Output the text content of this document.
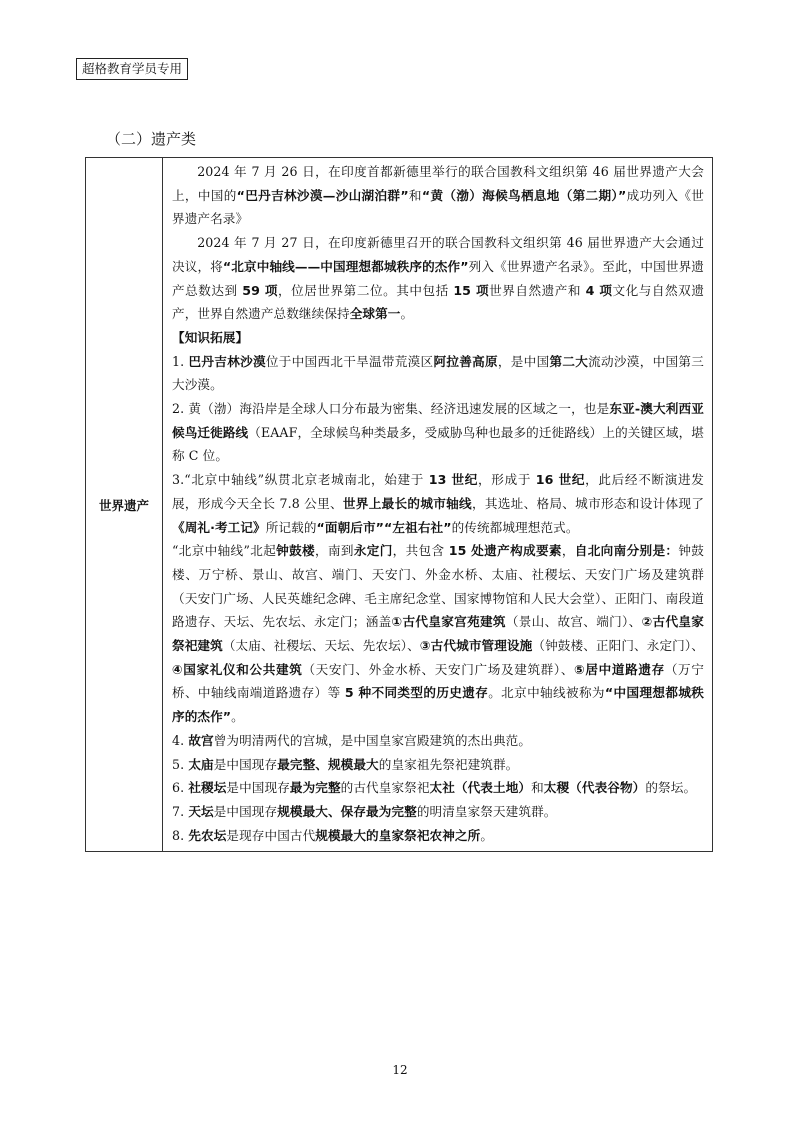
超格教育学员专用
（二）遗产类
世界遗产	

2024 年 7 月 26 日，在印度首都新德里举行的联合国教科文组织第 46 届世界遗产大会上，中国的“巴丹吉林沙漠—沙山湖泊群”和“黄（渤）海候鸟栖息地（第二期）”成功列入《世界遗产名录》

2024 年 7 月 27 日，在印度新德里召开的联合国教科文组织第 46 届世界遗产大会通过决议，将“北京中轴线——中国理想都城秩序的杰作”列入《世界遗产名录》。至此，中国世界遗产总数达到 59 项，位居世界第二位。其中包括 15 项世界自然遗产和 4 项文化与自然双遗产，世界自然遗产总数继续保持全球第一。

【知识拓展】

1. 巴丹吉林沙漠位于中国西北干旱温带荒漠区阿拉善高原，是中国第二大流动沙漠，中国第三大沙漠。

2. 黄（渤）海沿岸是全球人口分布最为密集、经济迅速发展的区域之一，也是东亚-澳大利西亚候鸟迁徙路线（EAAF，全球候鸟种类最多，受威胁鸟种也最多的迁徙路线）上的关键区域，堪称 C 位。

3.“北京中轴线”纵贯北京老城南北，始建于 13 世纪，形成于 16 世纪，此后经不断演进发展，形成今天全长 7.8 公里、世界上最长的城市轴线，其选址、格局、城市形态和设计体现了《周礼·考工记》所记载的“面朝后市”“左祖右社”的传统都城理想范式。

“北京中轴线”北起钟鼓楼，南到永定门，共包含 15 处遗产构成要素，自北向南分别是：钟鼓楼、万宁桥、景山、故宫、端门、天安门、外金水桥、太庙、社稷坛、天安门广场及建筑群（天安门广场、人民英雄纪念碑、毛主席纪念堂、国家博物馆和人民大会堂）、正阳门、南段道路遗存、天坛、先农坛、永定门；涵盖①古代皇家宫苑建筑（景山、故宫、端门）、②古代皇家祭祀建筑（太庙、社稷坛、天坛、先农坛）、③古代城市管理设施（钟鼓楼、正阳门、永定门）、④国家礼仪和公共建筑（天安门、外金水桥、天安门广场及建筑群）、⑤居中道路遗存（万宁桥、中轴线南端道路遗存）等 5 种不同类型的历史遗存。北京中轴线被称为“中国理想都城秩序的杰作”。

4. 故宫曾为明清两代的宫城，是中国皇家宫殿建筑的杰出典范。

5. 太庙是中国现存最完整、规模最大的皇家祖先祭祀建筑群。

6. 社稷坛是中国现存最为完整的古代皇家祭祀太社（代表土地）和太稷（代表谷物）的祭坛。

7. 天坛是中国现存规模最大、保存最为完整的明清皇家祭天建筑群。

8. 先农坛是现存中国古代规模最大的皇家祭祀农神之所。

12
